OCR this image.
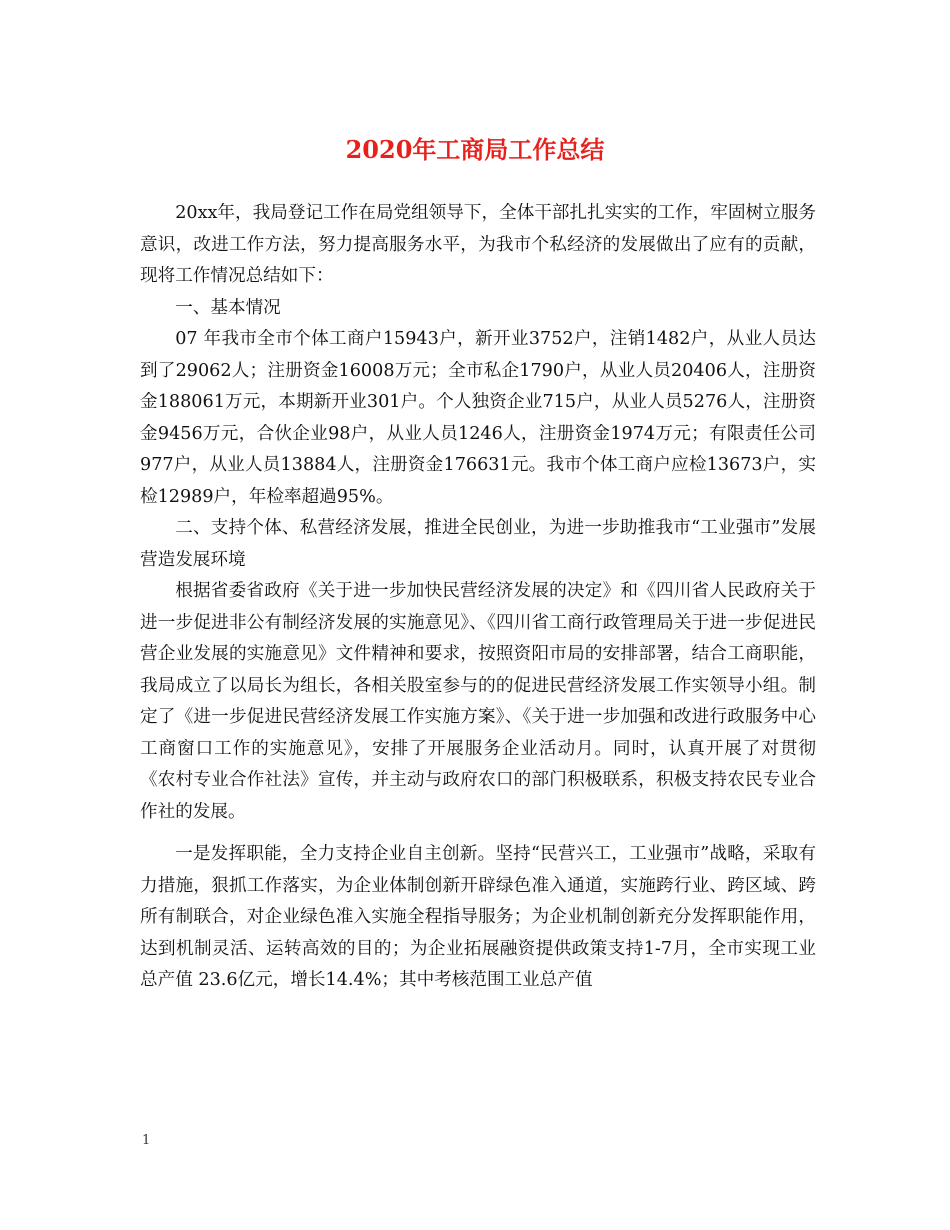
2020年工商局工作总结

20xx年，我局登记工作在局党组领导下，全体干部扎扎实实的工作，牢固树立服务意识，改进工作方法，努力提高服务水平，为我市个私经济的发展做出了应有的贡献，现将工作情况总结如下：

一、基本情况

07 年我市全市个体工商户15943户，新开业3752户，注销1482户，从业人员达到了29062人；注册资金16008万元；全市私企1790户，从业人员20406人，注册资金188061万元，本期新开业301户。个人独资企业715户，从业人员5276人，注册资金9456万元，合伙企业98户，从业人员1246人，注册资金1974万元；有限责任公司977户，从业人员13884人，注册资金176631元。我市个体工商户应检13673户，实检12989户，年检率超過95%。

二、支持个体、私营经济发展，推进全民创业，为进一步助推我市“工业强市”发展营造发展环境

根据省委省政府《关于进一步加快民营经济发展的决定》和《四川省人民政府关于进一步促进非公有制经济发展的实施意见》、《四川省工商行政管理局关于进一步促进民营企业发展的实施意见》文件精神和要求，按照资阳市局的安排部署，结合工商职能，我局成立了以局长为组长，各相关股室参与的的促进民营经济发展工作实领导小组。制定了《进一步促进民营经济发展工作实施方案》、《关于进一步加强和改进行政服务中心工商窗口工作的实施意见》，安排了开展服务企业活动月。同时，认真开展了对贯彻《农村专业合作社法》宣传，并主动与政府农口的部门积极联系，积极支持农民专业合作社的发展。

一是发挥职能，全力支持企业自主创新。坚持“民营兴工，工业强市”战略，采取有力措施，狠抓工作落实，为企业体制创新开辟绿色准入通道，实施跨行业、跨区域、跨所有制联合，对企业绿色准入实施全程指导服务；为企业机制创新充分发挥职能作用，达到机制灵活、运转高效的目的；为企业拓展融资提供政策支持1-7月，全市实现工业总产值 23.6亿元，增长14.4%；其中考核范围工业总产值

1
